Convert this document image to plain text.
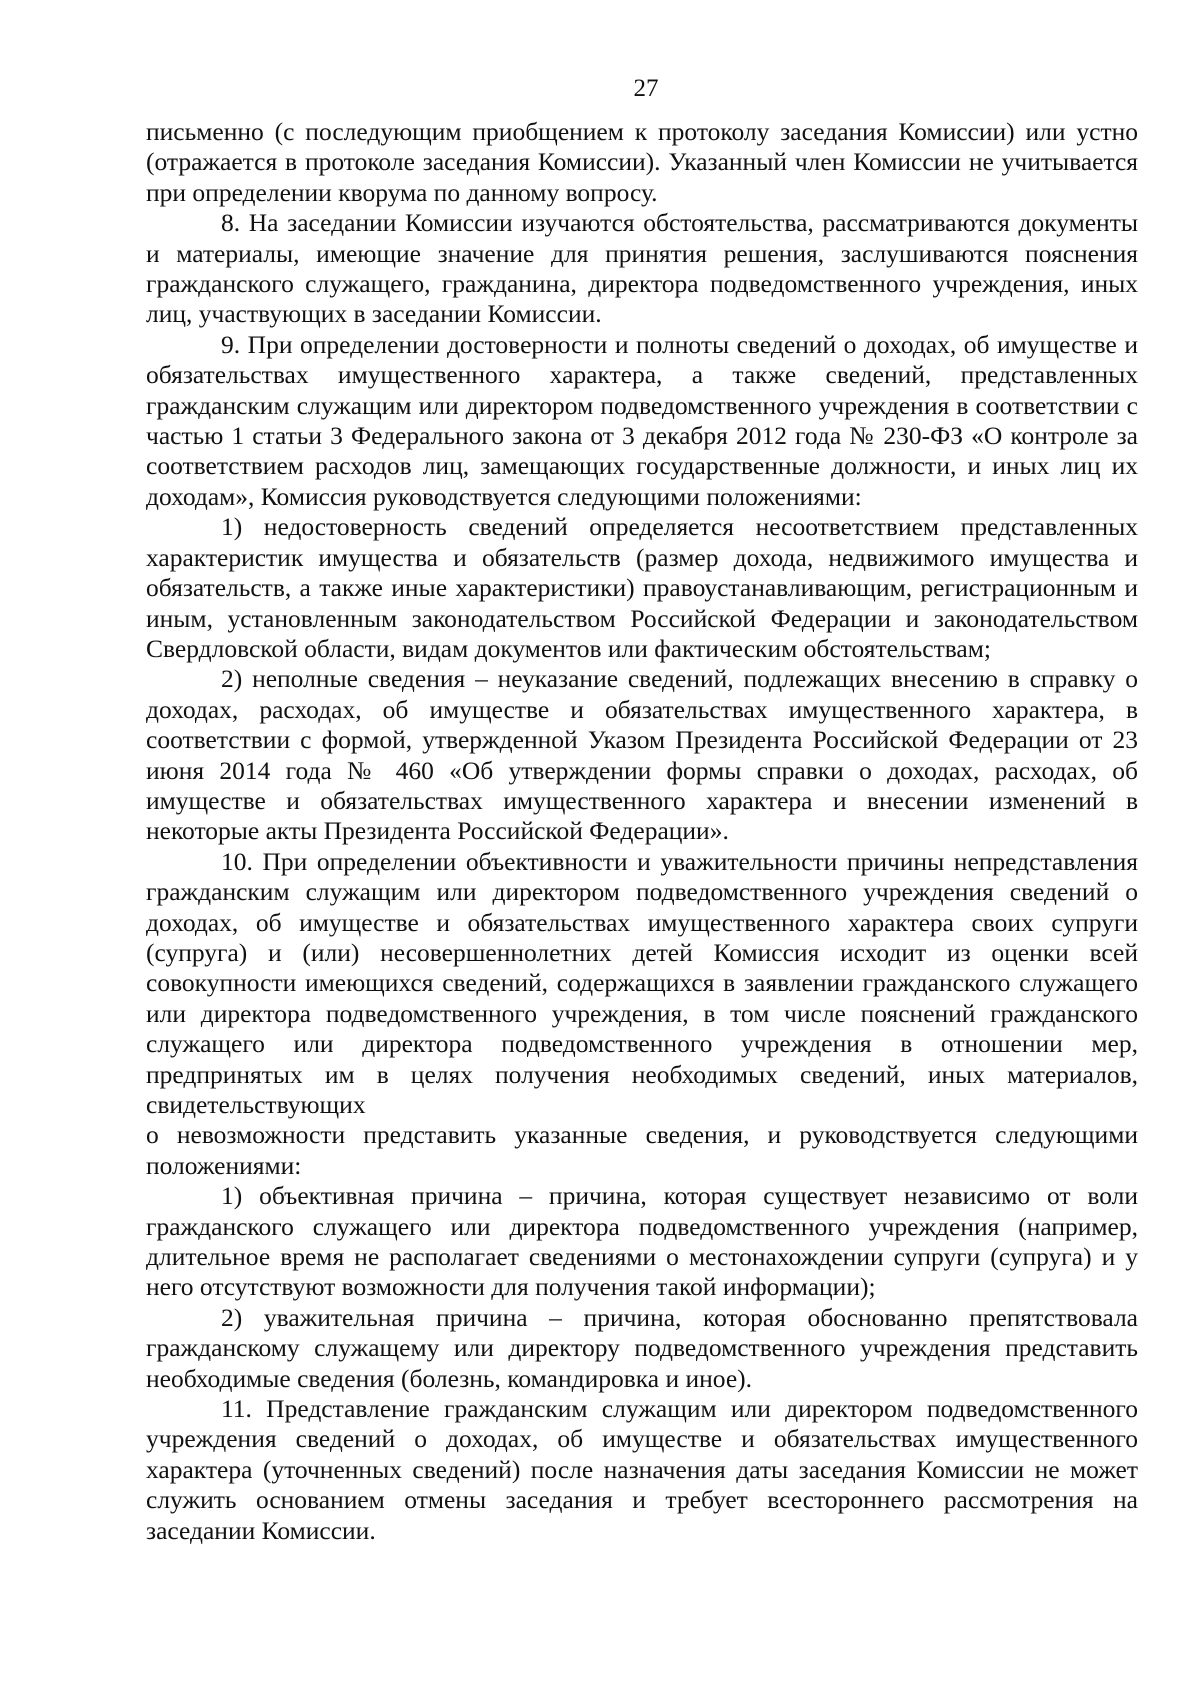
27

письменно (с последующим приобщением к протоколу заседания Комиссии) или устно (отражается в протоколе заседания Комиссии). Указанный член Комиссии не учитывается при определении кворума по данному вопросу.

8. На заседании Комиссии изучаются обстоятельства, рассматриваются документы и материалы, имеющие значение для принятия решения, заслушиваются пояснения гражданского служащего, гражданина, директора подведомственного учреждения, иных лиц, участвующих в заседании Комиссии.

9. При определении достоверности и полноты сведений о доходах, об имуществе и обязательствах имущественного характера, а также сведений, представленных гражданским служащим или директором подведомственного учреждения в соответствии с частью 1 статьи 3 Федерального закона от 3 декабря 2012 года № 230-ФЗ «О контроле за соответствием расходов лиц, замещающих государственные должности, и иных лиц их доходам», Комиссия руководствуется следующими положениями:

1) недостоверность сведений определяется несоответствием представленных характеристик имущества и обязательств (размер дохода, недвижимого имущества и обязательств, а также иные характеристики) правоустанавливающим, регистрационным и иным, установленным законодательством Российской Федерации и законодательством Свердловской области, видам документов или фактическим обстоятельствам;

2) неполные сведения – неуказание сведений, подлежащих внесению в справку о доходах, расходах, об имуществе и обязательствах имущественного характера, в соответствии с формой, утвержденной Указом Президента Российской Федерации от 23 июня 2014 года № 460 «Об утверждении формы справки о доходах, расходах, об имуществе и обязательствах имущественного характера и внесении изменений в некоторые акты Президента Российской Федерации».

10. При определении объективности и уважительности причины непредставления гражданским служащим или директором подведомственного учреждения сведений о доходах, об имуществе и обязательствах имущественного характера своих супруги (супруга) и (или) несовершеннолетних детей Комиссия исходит из оценки всей совокупности имеющихся сведений, содержащихся в заявлении гражданского служащего или директора подведомственного учреждения, в том числе пояснений гражданского служащего или директора подведомственного учреждения в отношении мер, предпринятых им в целях получения необходимых сведений, иных материалов, свидетельствующих

о невозможности представить указанные сведения, и руководствуется следующими положениями:

1) объективная причина – причина, которая существует независимо от воли гражданского служащего или директора подведомственного учреждения (например, длительное время не располагает сведениями о местонахождении супруги (супруга) и у него отсутствуют возможности для получения такой информации);

2) уважительная причина – причина, которая обоснованно препятствовала гражданскому служащему или директору подведомственного учреждения представить необходимые сведения (болезнь, командировка и иное).

11. Представление гражданским служащим или директором подведомственного учреждения сведений о доходах, об имуществе и обязательствах имущественного характера (уточненных сведений) после назначения даты заседания Комиссии не может служить основанием отмены заседания и требует всестороннего рассмотрения на заседании Комиссии.
